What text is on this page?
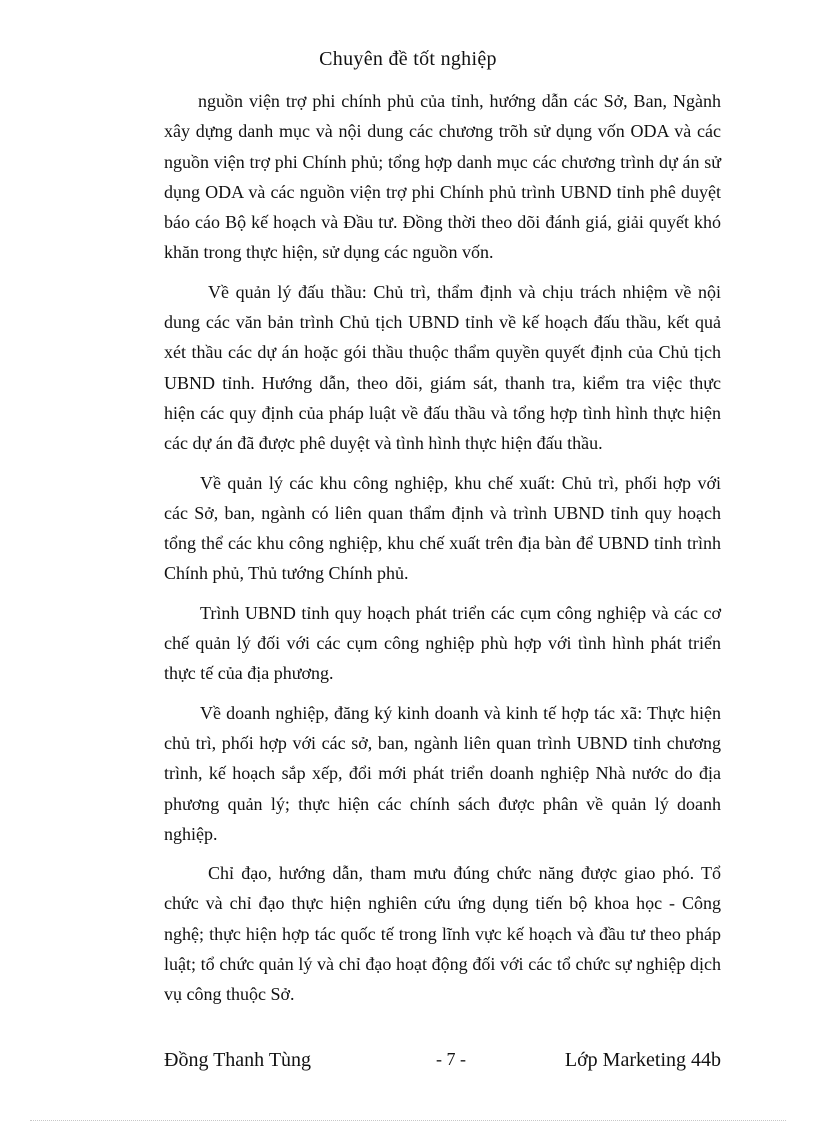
Chuyên đề tốt nghiệp

nguồn viện trợ phi chính phủ của tỉnh, hướng dẫn các Sở, Ban, Ngành xây dựng danh mục và nội dung các chương trõh sử dụng vốn ODA và các nguồn viện trợ phi Chính phủ; tổng hợp danh mục các chương trình dự án sử dụng ODA và các nguồn viện trợ phi Chính phủ trình UBND tỉnh phê duyệt báo cáo Bộ kế hoạch và Đầu tư. Đồng thời theo dõi đánh giá, giải quyết khó khăn trong thực hiện, sử dụng các nguồn vốn.

Về quản lý đấu thầu: Chủ trì, thẩm định và chịu trách nhiệm về nội dung các văn bản trình Chủ tịch UBND tỉnh về kế hoạch đấu thầu, kết quả xét thầu các dự án hoặc gói thầu thuộc thẩm quyền quyết định của Chủ tịch UBND tỉnh. Hướng dẫn, theo dõi, giám sát, thanh tra, kiểm tra việc thực hiện các quy định của pháp luật về đấu thầu và tổng hợp tình hình thực hiện các dự án đã được phê duyệt và tình hình thực hiện đấu thầu.

Về quản lý các khu công nghiệp, khu chế xuất: Chủ trì, phối hợp với các Sở, ban, ngành có liên quan thẩm định và trình UBND tỉnh quy hoạch tổng thể các khu công nghiệp, khu chế xuất trên địa bàn để UBND tỉnh trình Chính phủ, Thủ tướng Chính phủ.

Trình UBND tỉnh quy hoạch phát triển các cụm công nghiệp và các cơ chế quản lý đối với các cụm công nghiệp phù hợp với tình hình phát triển thực tế của địa phương.

Về doanh nghiệp, đăng ký kinh doanh và kinh tế hợp tác xã: Thực hiện chủ trì, phối hợp với các sở, ban, ngành liên quan trình UBND tỉnh chương trình, kế hoạch sắp xếp, đổi mới phát triển doanh nghiệp Nhà nước do địa phương quản lý; thực hiện các chính sách được phân về quản lý doanh nghiệp.

Chỉ đạo, hướng dẫn, tham mưu đúng chức năng được giao phó. Tổ chức và chỉ đạo thực hiện nghiên cứu ứng dụng tiến bộ khoa học - Công nghệ; thực hiện hợp tác quốc tế trong lĩnh vực kế hoạch và đầu tư theo pháp luật; tổ chức quản lý và chỉ đạo hoạt động đối với các tổ chức sự nghiệp dịch vụ công thuộc Sở.

Đồng Thanh Tùng	- 7 -	Lớp Marketing 44b
